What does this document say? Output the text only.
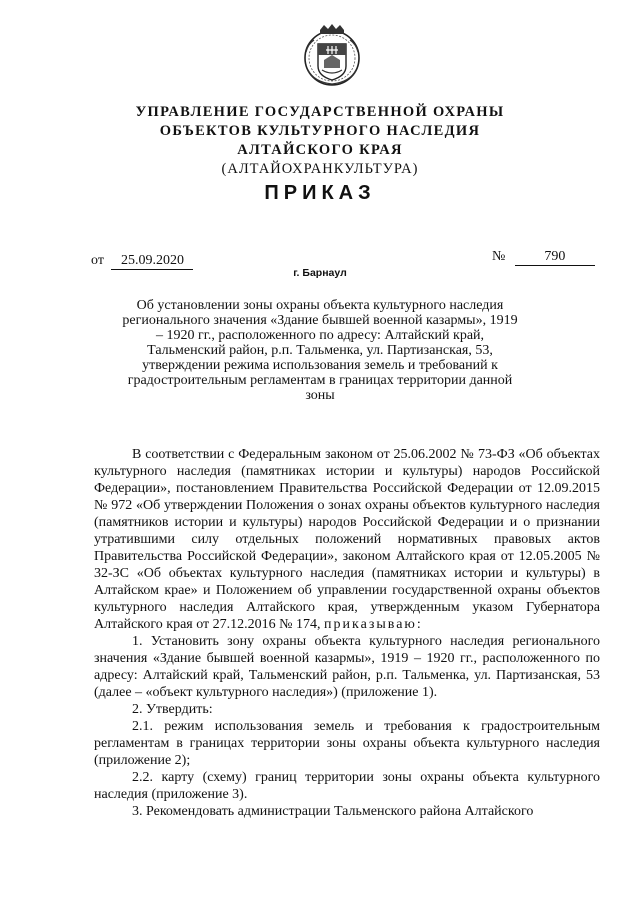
УПРАВЛЕНИЕ ГОСУДАРСТВЕННОЙ ОХРАНЫ
ОБЪЕКТОВ КУЛЬТУРНОГО НАСЛЕДИЯ
АЛТАЙСКОГО КРАЯ
(АЛТАЙОХРАНКУЛЬТУРА)
ПРИКАЗ
от 25.09.2020	№	790
г. Барнаул
Об установлении зоны охраны объекта культурного наследия регионального значения «Здание бывшей военной казармы», 1919 – 1920 гг., расположенного по адресу: Алтайский край, Тальменский район, р.п. Тальменка, ул. Партизанская, 53, утверждении режима использования земель и требований к градостроительным регламентам в границах территории данной зоны

В соответствии с Федеральным законом от 25.06.2002 № 73-ФЗ «Об объектах культурного наследия (памятниках истории и культуры) народов Российской Федерации», постановлением Правительства Российской Федерации от 12.09.2015 № 972 «Об утверждении Положения о зонах охраны объектов культурного наследия (памятников истории и культуры) народов Российской Федерации и о признании утратившими силу отдельных положений нормативных правовых актов Правительства Российской Федерации», законом Алтайского края от 12.05.2005 № 32-ЗС «Об объектах культурного наследия (памятниках истории и культуры) в Алтайском крае» и Положением об управлении государственной охраны объектов культурного наследия Алтайского края, утвержденным указом Губернатора Алтайского края от 27.12.2016 № 174, приказываю:

1. Установить зону охраны объекта культурного наследия регионального значения «Здание бывшей военной казармы», 1919 – 1920 гг., расположенного по адресу: Алтайский край, Тальменский район, р.п. Тальменка, ул. Партизанская, 53 (далее – «объект культурного наследия») (приложение 1).

2. Утвердить:

2.1. режим использования земель и требования к градостроительным регламентам в границах территории зоны охраны объекта культурного наследия (приложение 2);

2.2. карту (схему) границ территории зоны охраны объекта культурного наследия (приложение 3).

3. Рекомендовать администрации Тальменского района Алтайского
